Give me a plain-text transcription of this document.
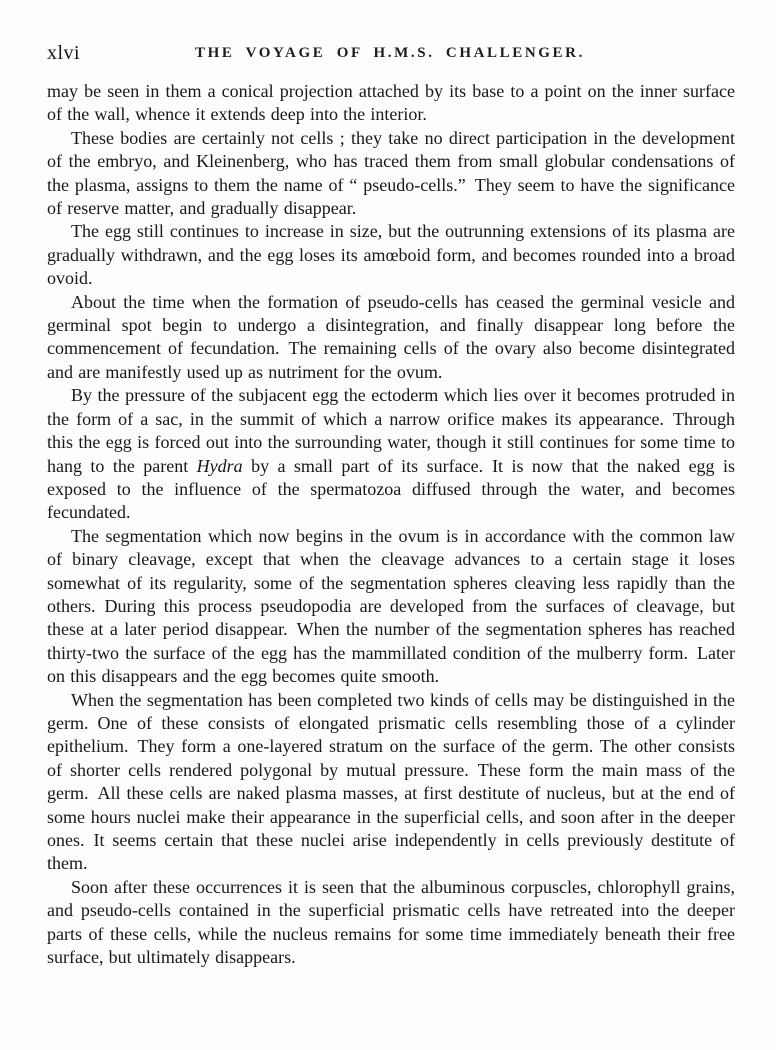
xlvi	THE VOYAGE OF H.M.S. CHALLENGER.

may be seen in them a conical projection attached by its base to a point on the inner surface of the wall, whence it extends deep into the interior.

These bodies are certainly not cells ; they take no direct participation in the development of the embryo, and Kleinenberg, who has traced them from small globular condensations of the plasma, assigns to them the name of “ pseudo-cells.” They seem to have the significance of reserve matter, and gradually disappear.

The egg still continues to increase in size, but the outrunning extensions of its plasma are gradually withdrawn, and the egg loses its amœboid form, and becomes rounded into a broad ovoid.

About the time when the formation of pseudo-cells has ceased the germinal vesicle and germinal spot begin to undergo a disintegration, and finally disappear long before the commencement of fecundation. The remaining cells of the ovary also become disintegrated and are manifestly used up as nutriment for the ovum.

By the pressure of the subjacent egg the ectoderm which lies over it becomes protruded in the form of a sac, in the summit of which a narrow orifice makes its appearance. Through this the egg is forced out into the surrounding water, though it still continues for some time to hang to the parent Hydra by a small part of its surface. It is now that the naked egg is exposed to the influence of the spermatozoa diffused through the water, and becomes fecundated.

The segmentation which now begins in the ovum is in accordance with the common law of binary cleavage, except that when the cleavage advances to a certain stage it loses somewhat of its regularity, some of the segmentation spheres cleaving less rapidly than the others. During this process pseudopodia are developed from the surfaces of cleavage, but these at a later period disappear. When the number of the segmentation spheres has reached thirty-two the surface of the egg has the mammillated condition of the mulberry form. Later on this disappears and the egg becomes quite smooth.

When the segmentation has been completed two kinds of cells may be distinguished in the germ. One of these consists of elongated prismatic cells resembling those of a cylinder epithelium. They form a one-layered stratum on the surface of the germ. The other consists of shorter cells rendered polygonal by mutual pressure. These form the main mass of the germ. All these cells are naked plasma masses, at first destitute of nucleus, but at the end of some hours nuclei make their appearance in the superficial cells, and soon after in the deeper ones. It seems certain that these nuclei arise independently in cells previously destitute of them.

Soon after these occurrences it is seen that the albuminous corpuscles, chlorophyll grains, and pseudo-cells contained in the superficial prismatic cells have retreated into the deeper parts of these cells, while the nucleus remains for some time immediately beneath their free surface, but ultimately disappears.
